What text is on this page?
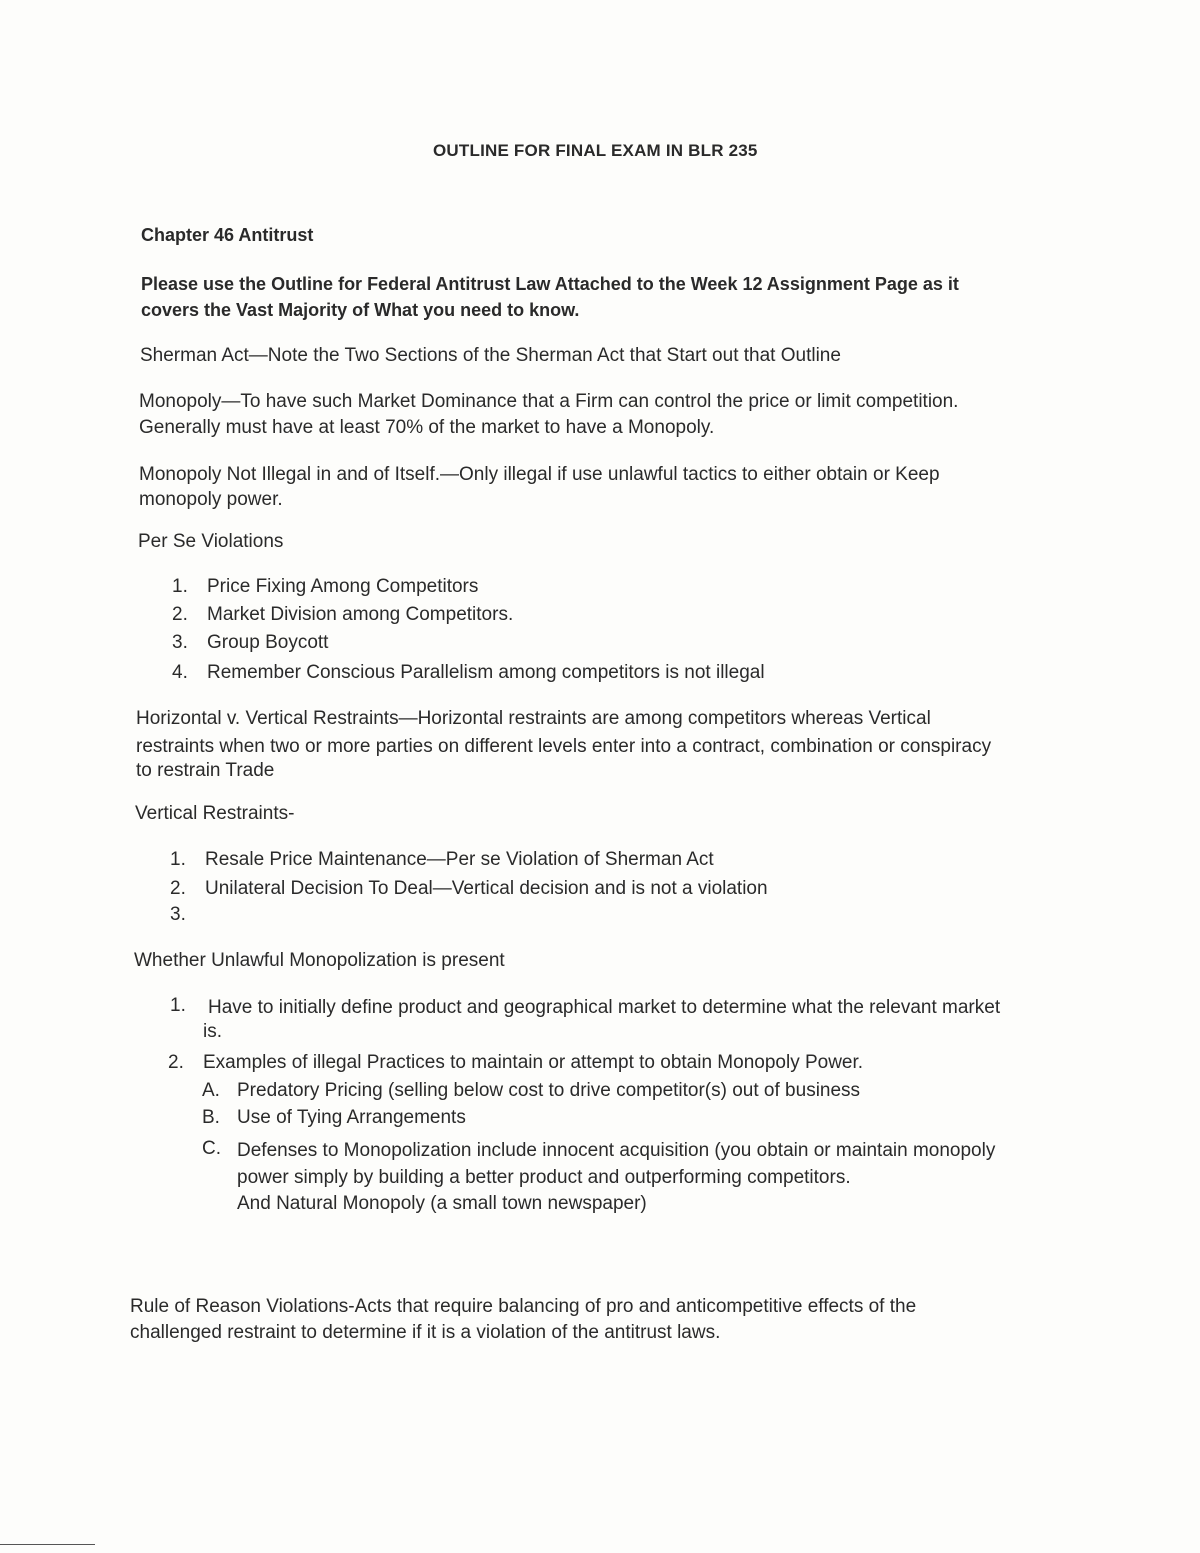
OUTLINE FOR FINAL EXAM IN BLR 235
Chapter 46 Antitrust
Please use the Outline for Federal Antitrust Law Attached to the Week 12 Assignment Page as it
covers the Vast Majority of What you need to know.
Sherman Act—Note the Two Sections of the Sherman Act that Start out that Outline
Monopoly—To have such Market Dominance that a Firm can control the price or limit competition.
Generally must have at least 70% of the market to have a Monopoly.
Monopoly Not Illegal in and of Itself.—Only illegal if use unlawful tactics to either obtain or Keep
monopoly power.
Per Se Violations
1. Price Fixing Among Competitors
2. Market Division among Competitors.
3. Group Boycott
4. Remember Conscious Parallelism among competitors is not illegal
Horizontal v. Vertical Restraints—Horizontal restraints are among competitors whereas Vertical
restraints when two or more parties on different levels enter into a contract, combination or conspiracy
to restrain Trade
Vertical Restraints-
1. Resale Price Maintenance—Per se Violation of Sherman Act
2. Unilateral Decision To Deal—Vertical decision and is not a violation
3.
Whether Unlawful Monopolization is present
1. Have to initially define product and geographical market to determine what the relevant market
is.
2. Examples of illegal Practices to maintain or attempt to obtain Monopoly Power.
A. Predatory Pricing (selling below cost to drive competitor(s) out of business
B. Use of Tying Arrangements
C. Defenses to Monopolization include innocent acquisition (you obtain or maintain monopoly
power simply by building a better product and outperforming competitors.
And Natural Monopoly (a small town newspaper)
Rule of Reason Violations-Acts that require balancing of pro and anticompetitive effects of the
challenged restraint to determine if it is a violation of the antitrust laws.
